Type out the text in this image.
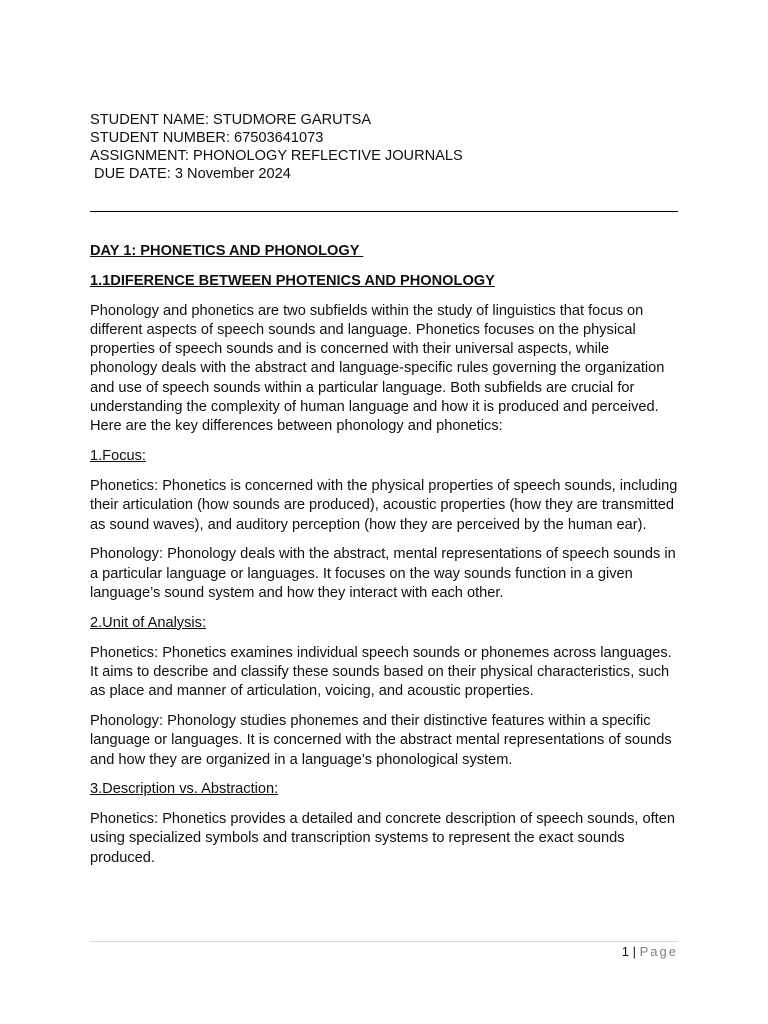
STUDENT NAME: STUDMORE GARUTSA
STUDENT NUMBER: 67503641073
ASSIGNMENT: PHONOLOGY REFLECTIVE JOURNALS
DUE DATE: 3 November 2024
DAY 1: PHONETICS AND PHONOLOGY
1.1DIFERENCE BETWEEN PHOTENICS AND PHONOLOGY

Phonology and phonetics are two subfields within the study of linguistics that focus on different aspects of speech sounds and language. Phonetics focuses on the physical properties of speech sounds and is concerned with their universal aspects, while phonology deals with the abstract and language-specific rules governing the organization and use of speech sounds within a particular language. Both subfields are crucial for understanding the complexity of human language and how it is produced and perceived. Here are the key differences between phonology and phonetics:

1.Focus:

Phonetics: Phonetics is concerned with the physical properties of speech sounds, including their articulation (how sounds are produced), acoustic properties (how they are transmitted as sound waves), and auditory perception (how they are perceived by the human ear).

Phonology: Phonology deals with the abstract, mental representations of speech sounds in a particular language or languages. It focuses on the way sounds function in a given language’s sound system and how they interact with each other.

2.Unit of Analysis:

Phonetics: Phonetics examines individual speech sounds or phonemes across languages. It aims to describe and classify these sounds based on their physical characteristics, such as place and manner of articulation, voicing, and acoustic properties.

Phonology: Phonology studies phonemes and their distinctive features within a specific language or languages. It is concerned with the abstract mental representations of sounds and how they are organized in a language’s phonological system.

3.Description vs. Abstraction:

Phonetics: Phonetics provides a detailed and concrete description of speech sounds, often using specialized symbols and transcription systems to represent the exact sounds produced.

1 | Page
